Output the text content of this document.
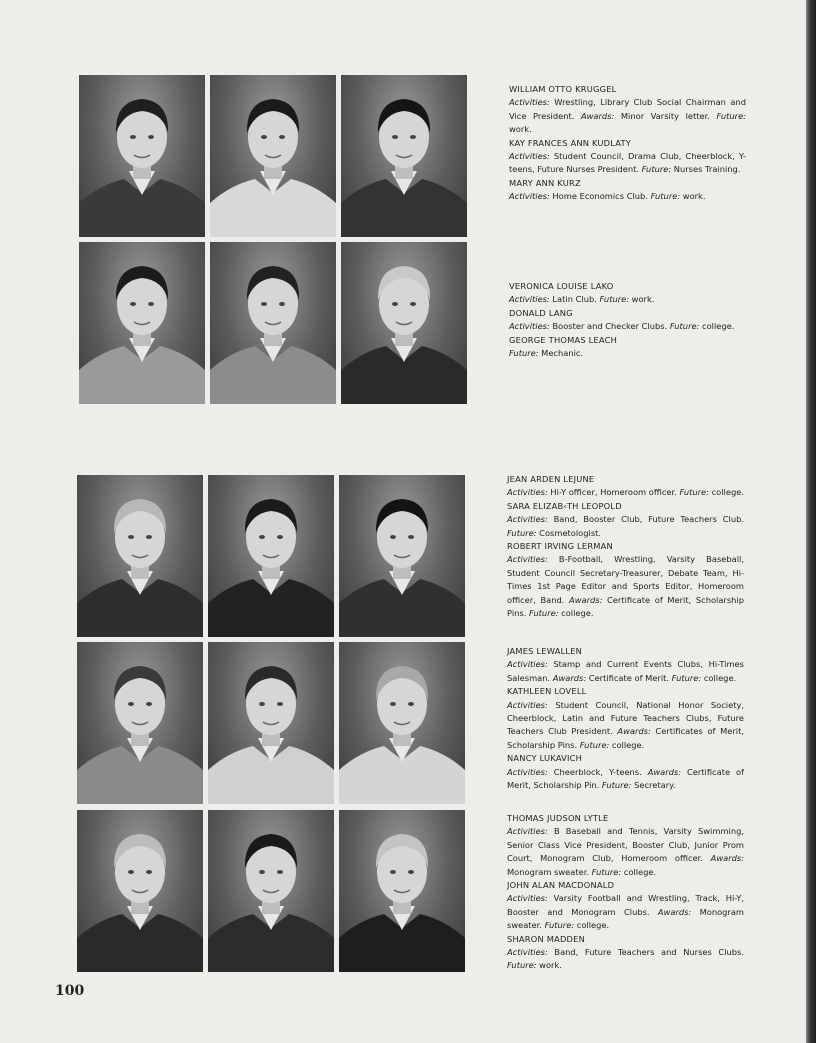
WILLIAM OTTO KRUGGEL
Activities: Wrestling, Library Club Social Chairman and Vice President. Awards: Minor Varsity letter. Future: work.
KAY FRANCES ANN KUDLATY
Activities: Student Council, Drama Club, Cheerblock, Y-teens, Future Nurses President. Future: Nurses Training.
MARY ANN KURZ
Activities: Home Economics Club. Future: work.
VERONICA LOUISE LAKO
Activities: Latin Club. Future: work.
DONALD LANG
Activities: Booster and Checker Clubs. Future: college.
GEORGE THOMAS LEACH
Future: Mechanic.
JEAN ARDEN LEJUNE
Activities: Hi-Y officer, Homeroom officer. Future: college.
SARA ELIZAB‹TH LEOPOLD
Activities: Band, Booster Club, Future Teachers Club. Future: Cosmetologist.
ROBERT IRVING LERMAN
Activities: B-Football, Wrestling, Varsity Baseball, Student Council Secretary-Treasurer, Debate Team, Hi-Times 1st Page Editor and Sports Editor, Homeroom officer, Band. Awards: Certificate of Merit, Scholarship Pins. Future: college.
JAMES LEWALLEN
Activities: Stamp and Current Events Clubs, Hi-Times Salesman. Awards: Certificate of Merit. Future: college.
KATHLEEN LOVELL
Activities: Student Council, National Honor Society, Cheerblock, Latin and Future Teachers Clubs, Future Teachers Club President. Awards: Certificates of Merit, Scholarship Pins. Future: college.
NANCY LUKAVICH
Activities: Cheerblock, Y-teens. Awards: Certificate of Merit, Scholarship Pin. Future: Secretary.
THOMAS JUDSON LYTLE
Activities: B Baseball and Tennis, Varsity Swimming, Senior Class Vice President, Booster Club, Junior Prom Court, Monogram Club, Homeroom officer. Awards: Monogram sweater. Future: college.
JOHN ALAN MACDONALD
Activities: Varsity Football and Wrestling, Track, Hi-Y, Booster and Monogram Clubs. Awards: Monogram sweater. Future: college.
SHARON MADDEN
Activities: Band, Future Teachers and Nurses Clubs. Future: work.
100
